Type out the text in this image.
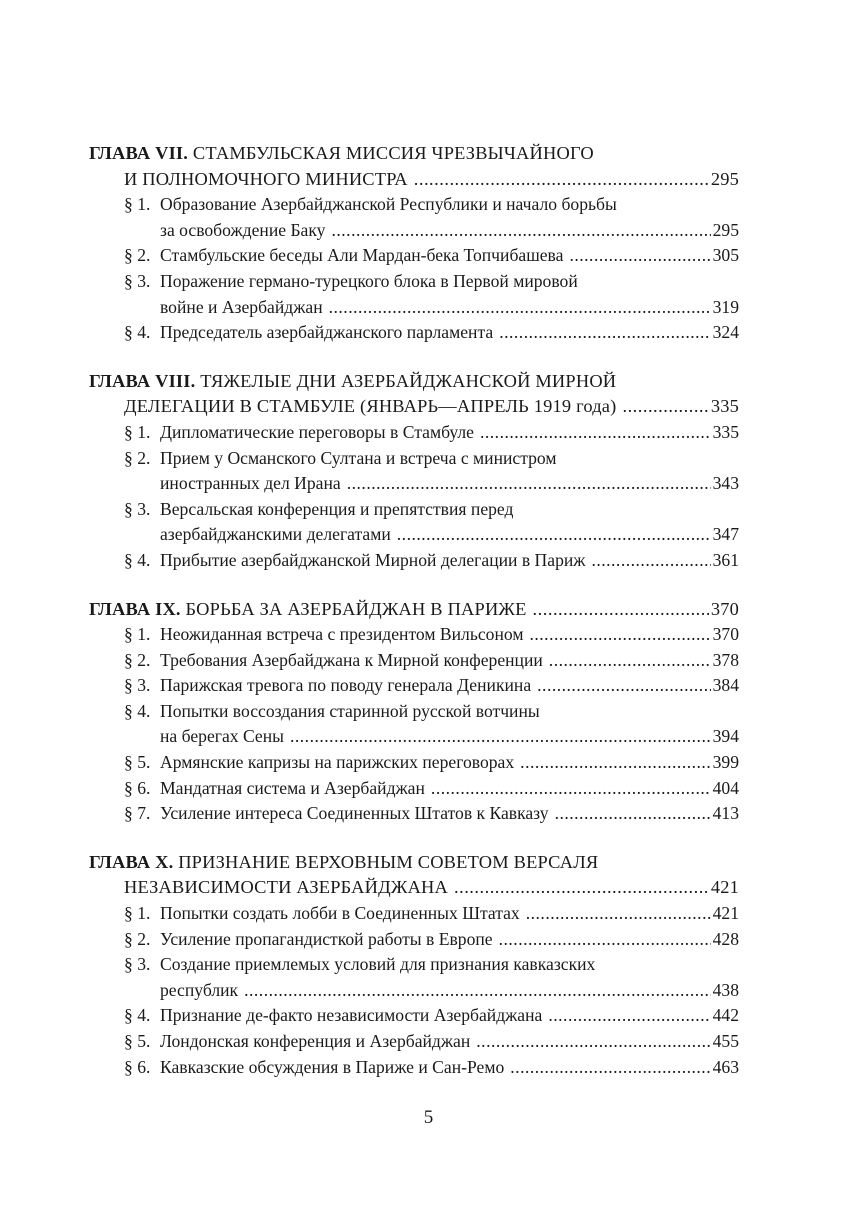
ГЛАВА VII.
СТАМБУЛЬСКАЯ МИССИЯ ЧРЕЗВЫЧАЙНОГО
И ПОЛНОМОЧНОГО МИНИСТРА .....	295
§ 1. Образование Азербайджанской Республики и начало борьбы
за освобождение Баку .....	295
§ 2. Стамбульские беседы Али Мардан-бека Топчибашева .....	305
§ 3. Поражение германо-турецкого блока в Первой мировой
войне и Азербайджан .....	319
§ 4. Председатель азербайджанского парламента .....	324
ГЛАВА VIII.
ТЯЖЕЛЫЕ ДНИ АЗЕРБАЙДЖАНСКОЙ МИРНОЙ
ДЕЛЕГАЦИИ В СТАМБУЛЕ (ЯНВАРЬ—АПРЕЛЬ 1919 года) .....	335
§ 1. Дипломатические переговоры в Стамбуле .....	335
§ 2. Прием у Османского Султана и встреча с министром
иностранных дел Ирана .....	343
§ 3. Версальская конференция и препятствия перед
азербайджанскими делегатами .....	347
§ 4. Прибытие азербайджанской Мирной делегации в Париж .....	361
ГЛАВА IX.
БОРЬБА ЗА АЗЕРБАЙДЖАН В ПАРИЖЕ .....	370
§ 1. Неожиданная встреча с президентом Вильсоном .....	370
§ 2. Требования Азербайджана к Мирной конференции .....	378
§ 3. Парижская тревога по поводу генерала Деникина .....	384
§ 4. Попытки воссоздания старинной русской вотчины
на берегах Сены .....	394
§ 5. Армянские капризы на парижских переговорах .....	399
§ 6. Мандатная система и Азербайджан .....	404
§ 7. Усиление интереса Соединенных Штатов к Кавказу .....	413
ГЛАВА X.
ПРИЗНАНИЕ ВЕРХОВНЫМ СОВЕТОМ ВЕРСАЛЯ
НЕЗАВИСИМОСТИ АЗЕРБАЙДЖАНА .....	421
§ 1. Попытки создать лобби в Соединенных Штатах .....	421
§ 2. Усиление пропагандисткой работы в Европе .....	428
§ 3. Создание приемлемых условий для признания кавказских
республик .....	438
§ 4. Признание де-факто независимости Азербайджана .....	442
§ 5. Лондонская конференция и Азербайджан .....	455
§ 6. Кавказские обсуждения в Париже и Сан-Ремо .....	463
5
